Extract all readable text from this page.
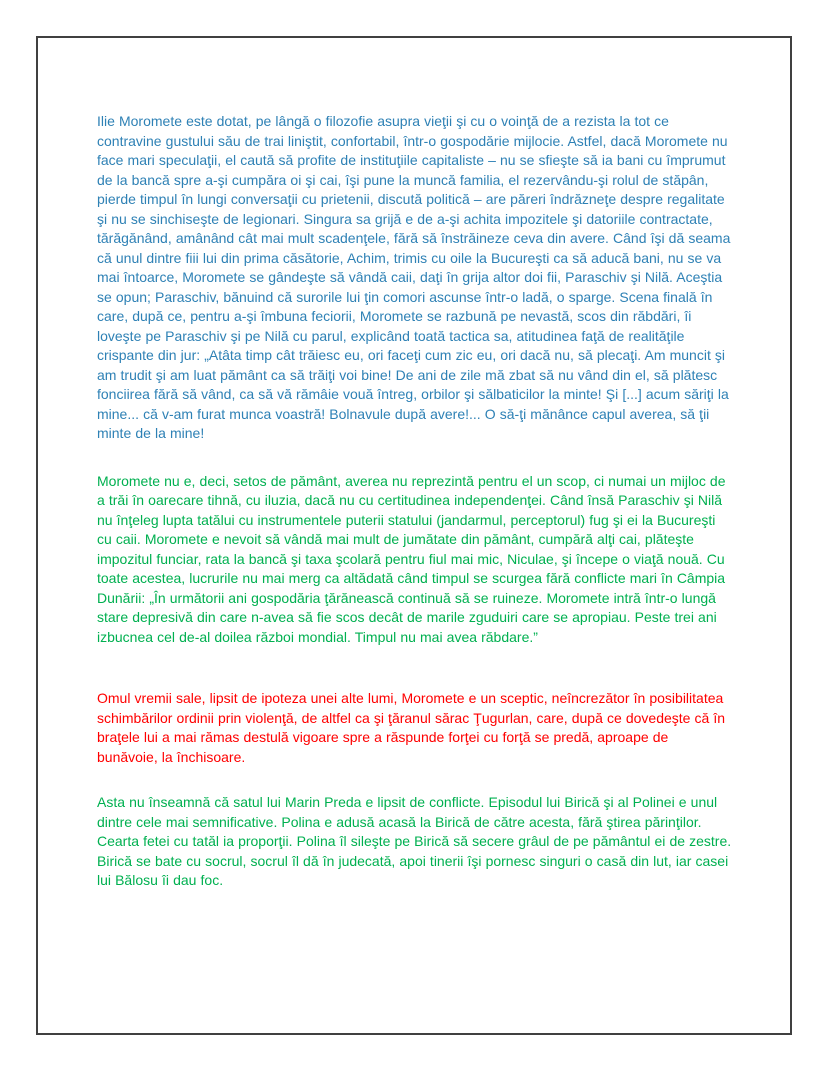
Ilie Moromete este dotat, pe lângă o filozofie asupra vieţii şi cu o voinţă de a rezista la tot ce contravine gustului său de trai liniştit, confortabil, într-o gospodărie mijlocie. Astfel, dacă Moromete nu face mari speculaţii, el caută să profite de instituţiile capitaliste – nu se sfieşte să ia bani cu împrumut de la bancă spre a-şi cumpăra oi şi cai, îşi pune la muncă familia, el rezervându-şi rolul de stăpân, pierde timpul în lungi conversaţii cu prietenii, discută politică – are păreri îndrăzneţe despre regalitate şi nu se sinchiseşte de legionari. Singura sa grijă e de a-şi achita impozitele şi datoriile contractate, tărăgănând, amânând cât mai mult scadenţele, fără să înstrăineze ceva din avere. Când îşi dă seama că unul dintre fiii lui din prima căsătorie, Achim, trimis cu oile la Bucureşti ca să aducă bani, nu se va mai întoarce, Moromete se gândeşte să vândă caii, daţi în grija altor doi fii, Paraschiv şi Nilă. Aceştia se opun; Paraschiv, bănuind că surorile lui ţin comori ascunse într-o ladă, o sparge. Scena finală în care, după ce, pentru a-şi îmbuna feciorii, Moromete se razbună pe nevastă, scos din răbdări, îi loveşte pe Paraschiv şi pe Nilă cu parul, explicând toată tactica sa, atitudinea faţă de realităţile crispante din jur: „Atâta timp cât trăiesc eu, ori faceţi cum zic eu, ori dacă nu, să plecaţi. Am muncit şi am trudit şi am luat pământ ca să trăiţi voi bine! De ani de zile mă zbat să nu vând din el, să plătesc fonciirea fără să vând, ca să vă rămâie vouă întreg, orbilor şi sălbaticilor la minte! Şi [...] acum săriţi la mine... că v-am furat munca voastră! Bolnavule după avere!... O să-ţi mănânce capul averea, să ţii minte de la mine!

Moromete nu e, deci, setos de pământ, averea nu reprezintă pentru el un scop, ci numai un mijloc de a trăi în oarecare tihnă, cu iluzia, dacă nu cu certitudinea independenţei. Când însă Paraschiv şi Nilă nu înţeleg lupta tatălui cu instrumentele puterii statului (jandarmul, perceptorul) fug şi ei la Bucureşti cu caii. Moromete e nevoit să vândă mai mult de jumătate din pământ, cumpără alţi cai, plăteşte impozitul funciar, rata la bancă şi taxa şcolară pentru fiul mai mic, Niculae, şi începe o viaţă nouă. Cu toate acestea, lucrurile nu mai merg ca altădată când timpul se scurgea fără conflicte mari în Câmpia Dunării: „În următorii ani gospodăria ţărănească continuă să se ruineze. Moromete intră într-o lungă stare depresivă din care n-avea să fie scos decât de marile zguduiri care se apropiau. Peste trei ani izbucnea cel de-al doilea război mondial. Timpul nu mai avea răbdare.”

Omul vremii sale, lipsit de ipoteza unei alte lumi, Moromete e un sceptic, neîncrezător în posibilitatea schimbărilor ordinii prin violenţă, de altfel ca şi ţăranul sărac Ţugurlan, care, după ce dovedeşte că în braţele lui a mai rămas destulă vigoare spre a răspunde forţei cu forţă se predă, aproape de bunăvoie, la închisoare.

Asta nu înseamnă că satul lui Marin Preda e lipsit de conflicte. Episodul lui Birică şi al Polinei e unul dintre cele mai semnificative. Polina e adusă acasă la Birică de către acesta, fără ştirea părinţilor. Cearta fetei cu tatăl ia proporţii. Polina îl sileşte pe Birică să secere grâul de pe pământul ei de zestre. Birică se bate cu socrul, socrul îl dă în judecată, apoi tinerii îşi pornesc singuri o casă din lut, iar casei lui Bălosu îi dau foc.
